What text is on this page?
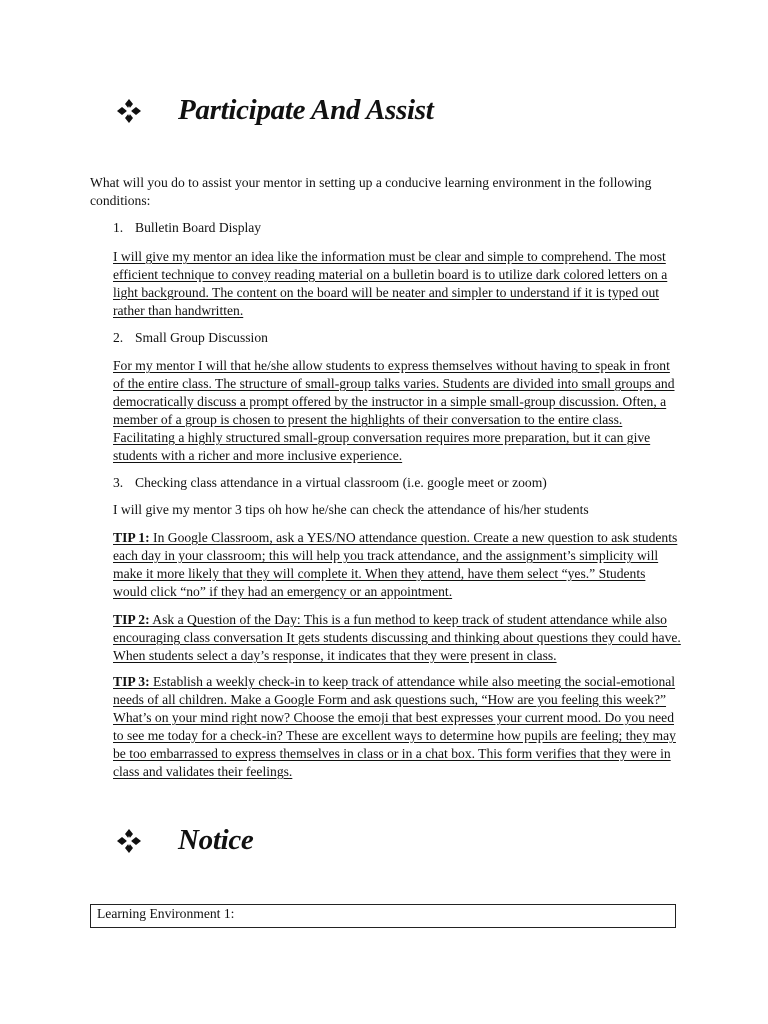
Participate And Assist

What will you do to assist your mentor in setting up a conducive learning environment in the following conditions:

1. Bulletin Board Display

I will give my mentor an idea like the information must be clear and simple to comprehend. The most efficient technique to convey reading material on a bulletin board is to utilize dark colored letters on a light background. The content on the board will be neater and simpler to understand if it is typed out rather than handwritten.

2. Small Group Discussion

For my mentor I will that he/she allow students to express themselves without having to speak in front of the entire class. The structure of small-group talks varies. Students are divided into small groups and democratically discuss a prompt offered by the instructor in a simple small-group discussion. Often, a member of a group is chosen to present the highlights of their conversation to the entire class. Facilitating a highly structured small-group conversation requires more preparation, but it can give students with a richer and more inclusive experience.

3. Checking class attendance in a virtual classroom (i.e. google meet or zoom)

I will give my mentor 3 tips oh how he/she can check the attendance of his/her students

TIP 1: In Google Classroom, ask a YES/NO attendance question. Create a new question to ask students each day in your classroom; this will help you track attendance, and the assignment’s simplicity will make it more likely that they will complete it. When they attend, have them select “yes.” Students would click “no” if they had an emergency or an appointment.

TIP 2: Ask a Question of the Day: This is a fun method to keep track of student attendance while also encouraging class conversation It gets students discussing and thinking about questions they could have. When students select a day’s response, it indicates that they were present in class.

TIP 3: Establish a weekly check-in to keep track of attendance while also meeting the social-emotional needs of all children. Make a Google Form and ask questions such, “How are you feeling this week?” What’s on your mind right now? Choose the emoji that best expresses your current mood. Do you need to see me today for a check-in? These are excellent ways to determine how pupils are feeling; they may be too embarrassed to express themselves in class or in a chat box. This form verifies that they were in class and validates their feelings.

Notice
Learning Environment 1:
